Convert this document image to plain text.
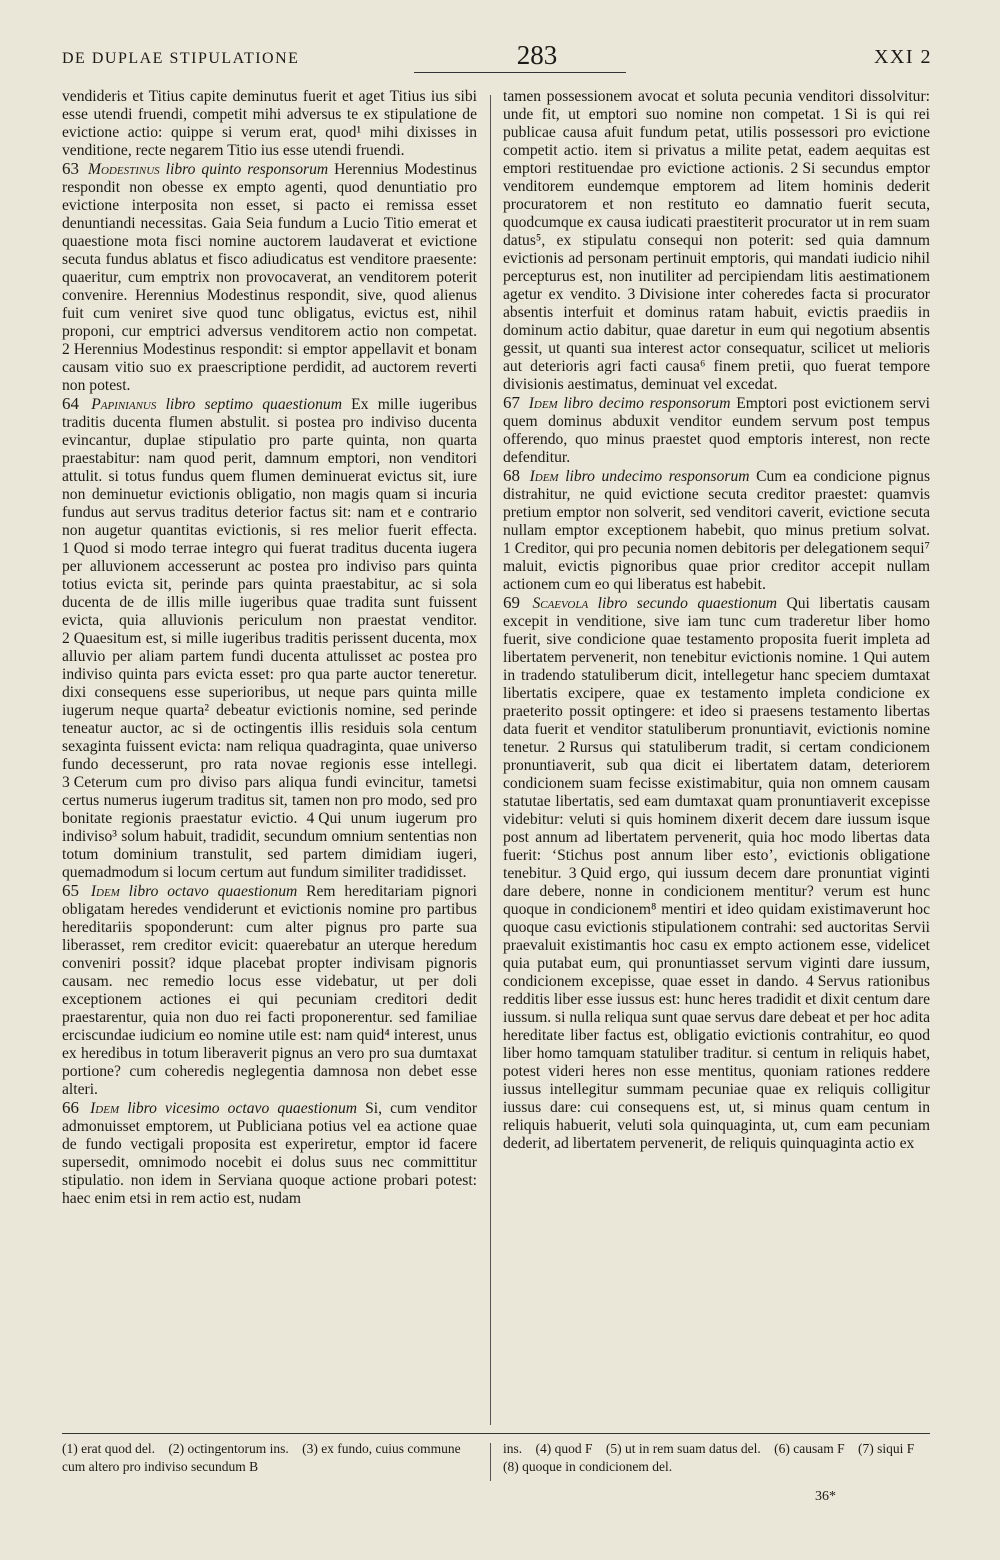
DE DUPLAE STIPULATIONE	283	XXI 2

vendideris et Titius capite deminutus fuerit et aget Titius ius sibi esse utendi fruendi, competit mihi adversus te ex stipulatione de evictione actio: quippe si verum erat, quod¹ mihi dixisses in venditione, recte negarem Titio ius esse utendi fruendi.

63 Modestinus libro quinto responsorum Herennius Modestinus respondit non obesse ex empto agenti, quod denuntiatio pro evictione interposita non esset, si pacto ei remissa esset denuntiandi necessitas. Gaia Seia fundum a Lucio Titio emerat et quaestione mota fisci nomine auctorem laudaverat et evictione secuta fundus ablatus et fisco adiudicatus est venditore praesente: quaeritur, cum emptrix non provocaverat, an venditorem poterit convenire. Herennius Modestinus respondit, sive, quod alienus fuit cum veniret sive quod tunc obligatus, evictus est, nihil proponi, cur emptrici adversus venditorem actio non competat. 2 Herennius Modestinus respondit: si emptor appellavit et bonam causam vitio suo ex praescriptione perdidit, ad auctorem reverti non potest.

64 Papinianus libro septimo quaestionum Ex mille iugeribus traditis ducenta flumen abstulit. si postea pro indiviso ducenta evincantur, duplae stipulatio pro parte quinta, non quarta praestabitur: nam quod perit, damnum emptori, non venditori attulit. si totus fundus quem flumen deminuerat evictus sit, iure non deminuetur evictionis obligatio, non magis quam si incuria fundus aut servus traditus deterior factus sit: nam et e contrario non augetur quantitas evictionis, si res melior fuerit effecta. 1 Quod si modo terrae integro qui fuerat traditus ducenta iugera per alluvionem accesserunt ac postea pro indiviso pars quinta totius evicta sit, perinde pars quinta praestabitur, ac si sola ducenta de de illis mille iugeribus quae tradita sunt fuissent evicta, quia alluvionis periculum non praestat venditor. 2 Quaesitum est, si mille iugeribus traditis perissent ducenta, mox alluvio per aliam partem fundi ducenta attulisset ac postea pro indiviso quinta pars evicta esset: pro qua parte auctor teneretur. dixi consequens esse superioribus, ut neque pars quinta mille iugerum neque quarta² debeatur evictionis nomine, sed perinde teneatur auctor, ac si de octingentis illis residuis sola centum sexaginta fuissent evicta: nam reliqua quadraginta, quae universo fundo decesserunt, pro rata novae regionis esse intellegi. 3 Ceterum cum pro diviso pars aliqua fundi evincitur, tametsi certus numerus iugerum traditus sit, tamen non pro modo, sed pro bonitate regionis praestatur evictio. 4 Qui unum iugerum pro indiviso³ solum habuit, tradidit, secundum omnium sententias non totum dominium transtulit, sed partem dimidiam iugeri, quemadmodum si locum certum aut fundum similiter tradidisset.

65 Idem libro octavo quaestionum Rem hereditariam pignori obligatam heredes vendiderunt et evictionis nomine pro partibus hereditariis spoponderunt: cum alter pignus pro parte sua liberasset, rem creditor evicit: quaerebatur an uterque heredum conveniri possit? idque placebat propter indivisam pignoris causam. nec remedio locus esse videbatur, ut per doli exceptionem actiones ei qui pecuniam creditori dedit praestarentur, quia non duo rei facti proponerentur. sed familiae erciscundae iudicium eo nomine utile est: nam quid⁴ interest, unus ex heredibus in totum liberaverit pignus an vero pro sua dumtaxat portione? cum coheredis neglegentia damnosa non debet esse alteri.

66 Idem libro vicesimo octavo quaestionum Si, cum venditor admonuisset emptorem, ut Publiciana potius vel ea actione quae de fundo vectigali proposita est experiretur, emptor id facere supersedit, omnimodo nocebit ei dolus suus nec committitur stipulatio. non idem in Serviana quoque actione probari potest: haec enim etsi in rem actio est, nudam

tamen possessionem avocat et soluta pecunia venditori dissolvitur: unde fit, ut emptori suo nomine non competat. 1 Si is qui rei publicae causa afuit fundum petat, utilis possessori pro evictione competit actio. item si privatus a milite petat, eadem aequitas est emptori restituendae pro evictione actionis. 2 Si secundus emptor venditorem eundemque emptorem ad litem hominis dederit procuratorem et non restituto eo damnatio fuerit secuta, quodcumque ex causa iudicati praestiterit procurator ut in rem suam datus⁵, ex stipulatu consequi non poterit: sed quia damnum evictionis ad personam pertinuit emptoris, qui mandati iudicio nihil percepturus est, non inutiliter ad percipiendam litis aestimationem agetur ex vendito. 3 Divisione inter coheredes facta si procurator absentis interfuit et dominus ratam habuit, evictis praediis in dominum actio dabitur, quae daretur in eum qui negotium absentis gessit, ut quanti sua interest actor consequatur, scilicet ut melioris aut deterioris agri facti causa⁶ finem pretii, quo fuerat tempore divisionis aestimatus, deminuat vel excedat.

67 Idem libro decimo responsorum Emptori post evictionem servi quem dominus abduxit venditor eundem servum post tempus offerendo, quo minus praestet quod emptoris interest, non recte defenditur.

68 Idem libro undecimo responsorum Cum ea condicione pignus distrahitur, ne quid evictione secuta creditor praestet: quamvis pretium emptor non solverit, sed venditori caverit, evictione secuta nullam emptor exceptionem habebit, quo minus pretium solvat. 1 Creditor, qui pro pecunia nomen debitoris per delegationem sequi⁷ maluit, evictis pignoribus quae prior creditor accepit nullam actionem cum eo qui liberatus est habebit.

69 Scaevola libro secundo quaestionum Qui libertatis causam excepit in venditione, sive iam tunc cum traderetur liber homo fuerit, sive condicione quae testamento proposita fuerit impleta ad libertatem pervenerit, non tenebitur evictionis nomine. 1 Qui autem in tradendo statuliberum dicit, intellegetur hanc speciem dumtaxat libertatis excipere, quae ex testamento impleta condicione ex praeterito possit optingere: et ideo si praesens testamento libertas data fuerit et venditor statuliberum pronuntiavit, evictionis nomine tenetur. 2 Rursus qui statuliberum tradit, si certam condicionem pronuntiaverit, sub qua dicit ei libertatem datam, deteriorem condicionem suam fecisse existimabitur, quia non omnem causam statutae libertatis, sed eam dumtaxat quam pronuntiaverit excepisse videbitur: veluti si quis hominem dixerit decem dare iussum isque post annum ad libertatem pervenerit, quia hoc modo libertas data fuerit: ‘Stichus post annum liber esto’, evictionis obligatione tenebitur. 3 Quid ergo, qui iussum decem dare pronuntiat viginti dare debere, nonne in condicionem mentitur? verum est hunc quoque in condicionem⁸ mentiri et ideo quidam existimaverunt hoc quoque casu evictionis stipulationem contrahi: sed auctoritas Servii praevaluit existimantis hoc casu ex empto actionem esse, videlicet quia putabat eum, qui pronuntiasset servum viginti dare iussum, condicionem excepisse, quae esset in dando. 4 Servus rationibus redditis liber esse iussus est: hunc heres tradidit et dixit centum dare iussum. si nulla reliqua sunt quae servus dare debeat et per hoc adita hereditate liber factus est, obligatio evictionis contrahitur, eo quod liber homo tamquam statuliber traditur. si centum in reliquis habet, potest videri heres non esse mentitus, quoniam rationes reddere iussus intellegitur summam pecuniae quae ex reliquis colligitur iussus dare: cui consequens est, ut, si minus quam centum in reliquis habuerit, veluti sola quinquaginta, ut, cum eam pecuniam dederit, ad libertatem pervenerit, de reliquis quinquaginta actio ex

(1) erat quod del. (2) octingentorum ins. (3) ex fundo, cuius commune cum altero pro indiviso secundum B
ins. (4) quod F (5) ut in rem suam datus del. (6) causam F (7) siqui F (8) quoque in condicionem del.
36*
